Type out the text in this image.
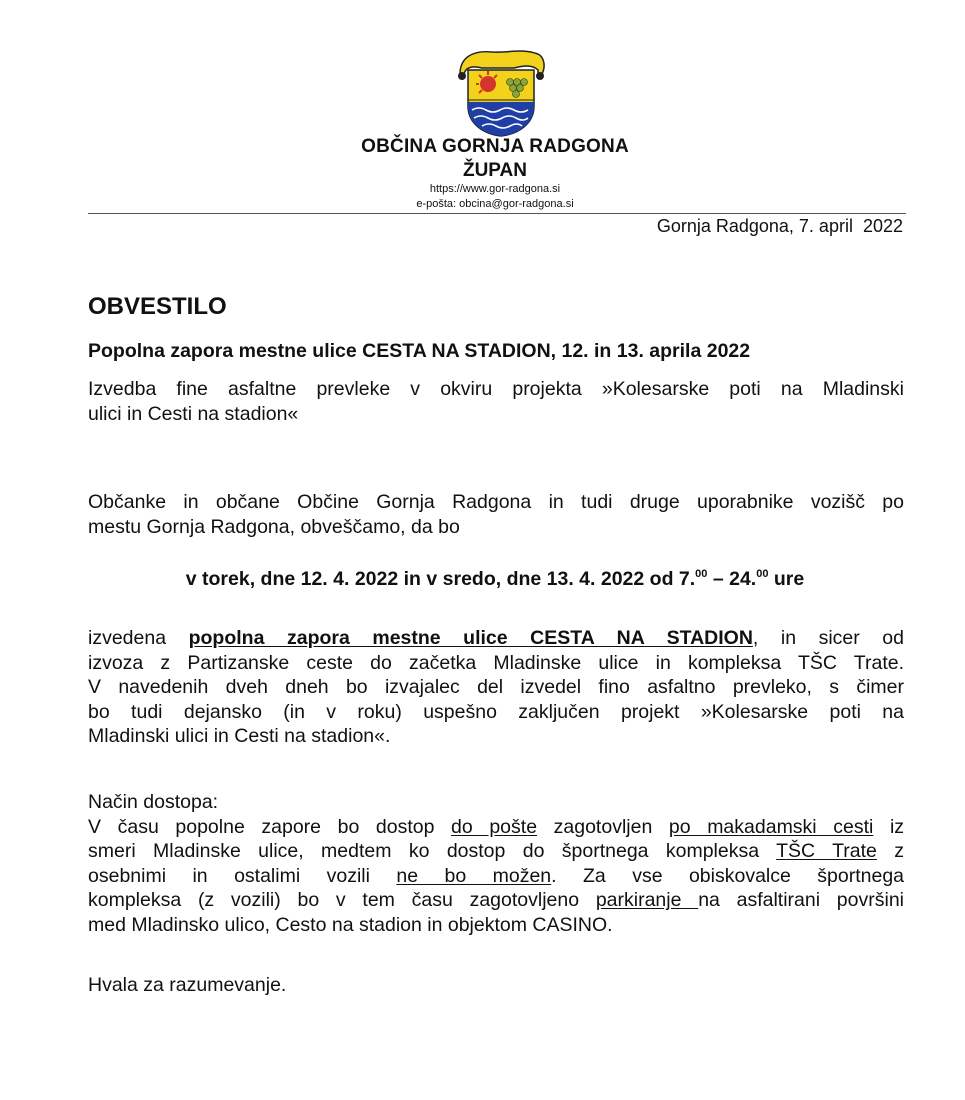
OBČINA GORNJA RADGONA
ŽUPAN
https://www.gor-radgona.si
e-pošta: obcina@gor-radgona.si
Gornja Radgona, 7. april  2022
OBVESTILO
Popolna zapora mestne ulice CESTA NA STADION, 12. in 13. aprila 2022
Izvedba fine asfaltne prevleke v okviru projekta »Kolesarske poti na Mladinski
ulici in Cesti na stadion«
Občanke in občane Občine Gornja Radgona in tudi druge uporabnike vozišč po
mestu Gornja Radgona, obveščamo, da bo
v torek, dne 12. 4. 2022 in v sredo, dne 13. 4. 2022 od 7.00 – 24.00 ure
izvedena popolna zapora mestne ulice CESTA NA STADION, in sicer od
izvoza z Partizanske ceste do začetka Mladinske ulice in kompleksa TŠC Trate.
V navedenih dveh dneh bo izvajalec del izvedel fino asfaltno prevleko, s čimer
bo tudi dejansko (in v roku) uspešno zaključen projekt »Kolesarske poti na
Mladinski ulici in Cesti na stadion«.
Način dostopa:
V času popolne zapore bo dostop do pošte zagotovljen po makadamski cesti iz
smeri Mladinske ulice, medtem ko dostop do športnega kompleksa TŠC Trate z
osebnimi in ostalimi vozili ne bo možen. Za vse obiskovalce športnega
kompleksa (z vozili) bo v tem času zagotovljeno parkiranje na asfaltirani površini
med Mladinsko ulico, Cesto na stadion in objektom CASINO.
Hvala za razumevanje.
